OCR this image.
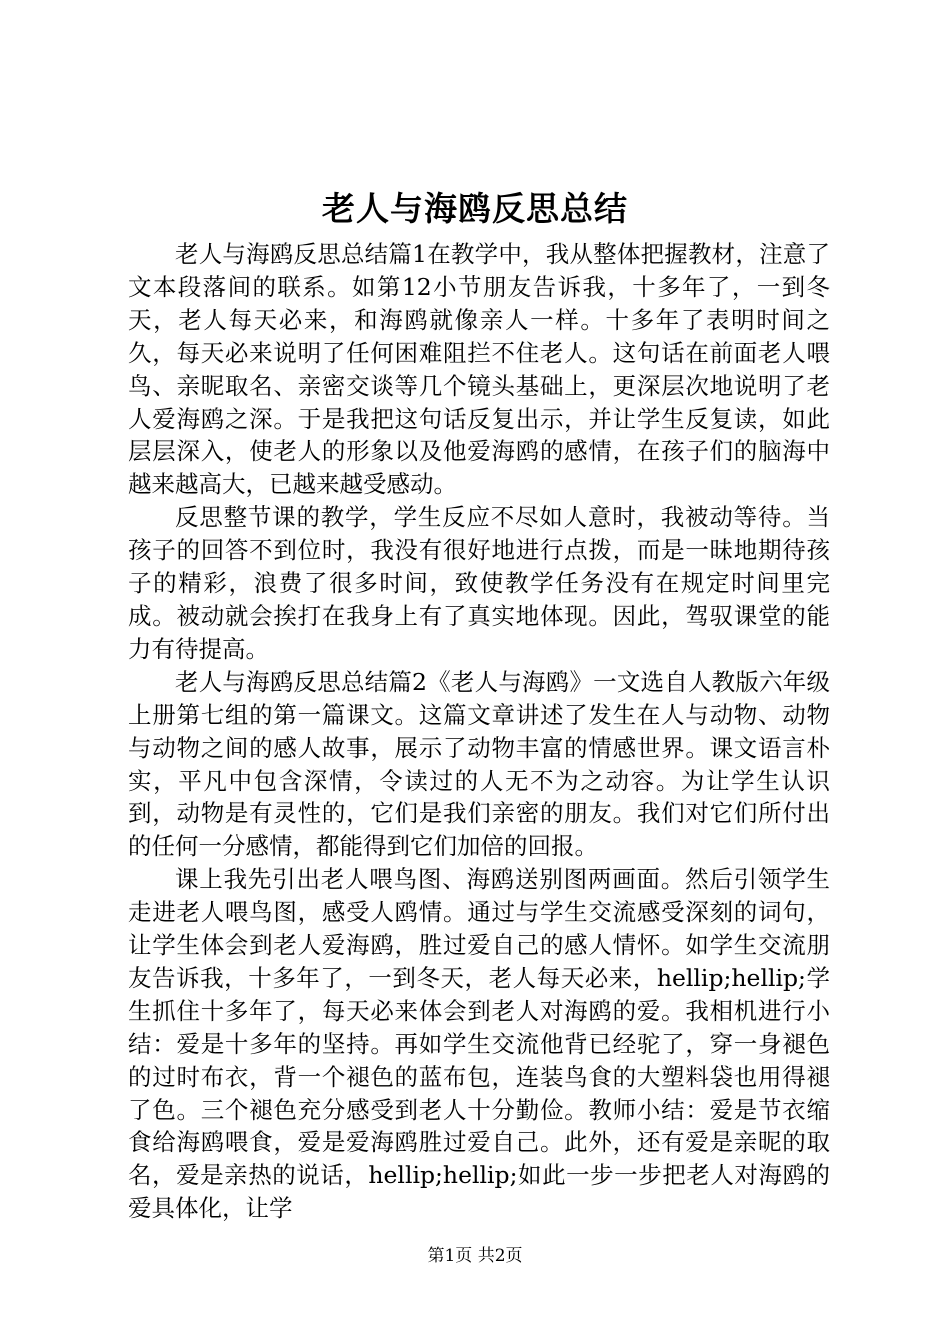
老人与海鸥反思总结

老人与海鸥反思总结篇1在教学中，我从整体把握教材，注意了文本段落间的联系。如第12小节朋友告诉我，十多年了，一到冬天，老人每天必来，和海鸥就像亲人一样。十多年了表明时间之久，每天必来说明了任何困难阻拦不住老人。这句话在前面老人喂鸟、亲昵取名、亲密交谈等几个镜头基础上，更深层次地说明了老人爱海鸥之深。于是我把这句话反复出示，并让学生反复读，如此层层深入，使老人的形象以及他爱海鸥的感情，在孩子们的脑海中越来越高大，已越来越受感动。

反思整节课的教学，学生反应不尽如人意时，我被动等待。当孩子的回答不到位时，我没有很好地进行点拨，而是一昧地期待孩子的精彩，浪费了很多时间，致使教学任务没有在规定时间里完成。被动就会挨打在我身上有了真实地体现。因此，驾驭课堂的能力有待提高。

老人与海鸥反思总结篇2《老人与海鸥》一文选自人教版六年级上册第七组的第一篇课文。这篇文章讲述了发生在人与动物、动物与动物之间的感人故事，展示了动物丰富的情感世界。课文语言朴实，平凡中包含深情，令读过的人无不为之动容。为让学生认识到，动物是有灵性的，它们是我们亲密的朋友。我们对它们所付出的任何一分感情，都能得到它们加倍的回报。

课上我先引出老人喂鸟图、海鸥送别图两画面。然后引领学生走进老人喂鸟图，感受人鸥情。通过与学生交流感受深刻的词句，让学生体会到老人爱海鸥，胜过爱自己的感人情怀。如学生交流朋友告诉我，十多年了，一到冬天，老人每天必来，hellip;hellip;学生抓住十多年了，每天必来体会到老人对海鸥的爱。我相机进行小结：爱是十多年的坚持。再如学生交流他背已经驼了，穿一身褪色的过时布衣，背一个褪色的蓝布包，连装鸟食的大塑料袋也用得褪了色。三个褪色充分感受到老人十分勤俭。教师小结：爱是节衣缩食给海鸥喂食，爱是爱海鸥胜过爱自己。此外，还有爱是亲昵的取名，爱是亲热的说话，hellip;hellip;如此一步一步把老人对海鸥的爱具体化，让学

第1页 共2页
